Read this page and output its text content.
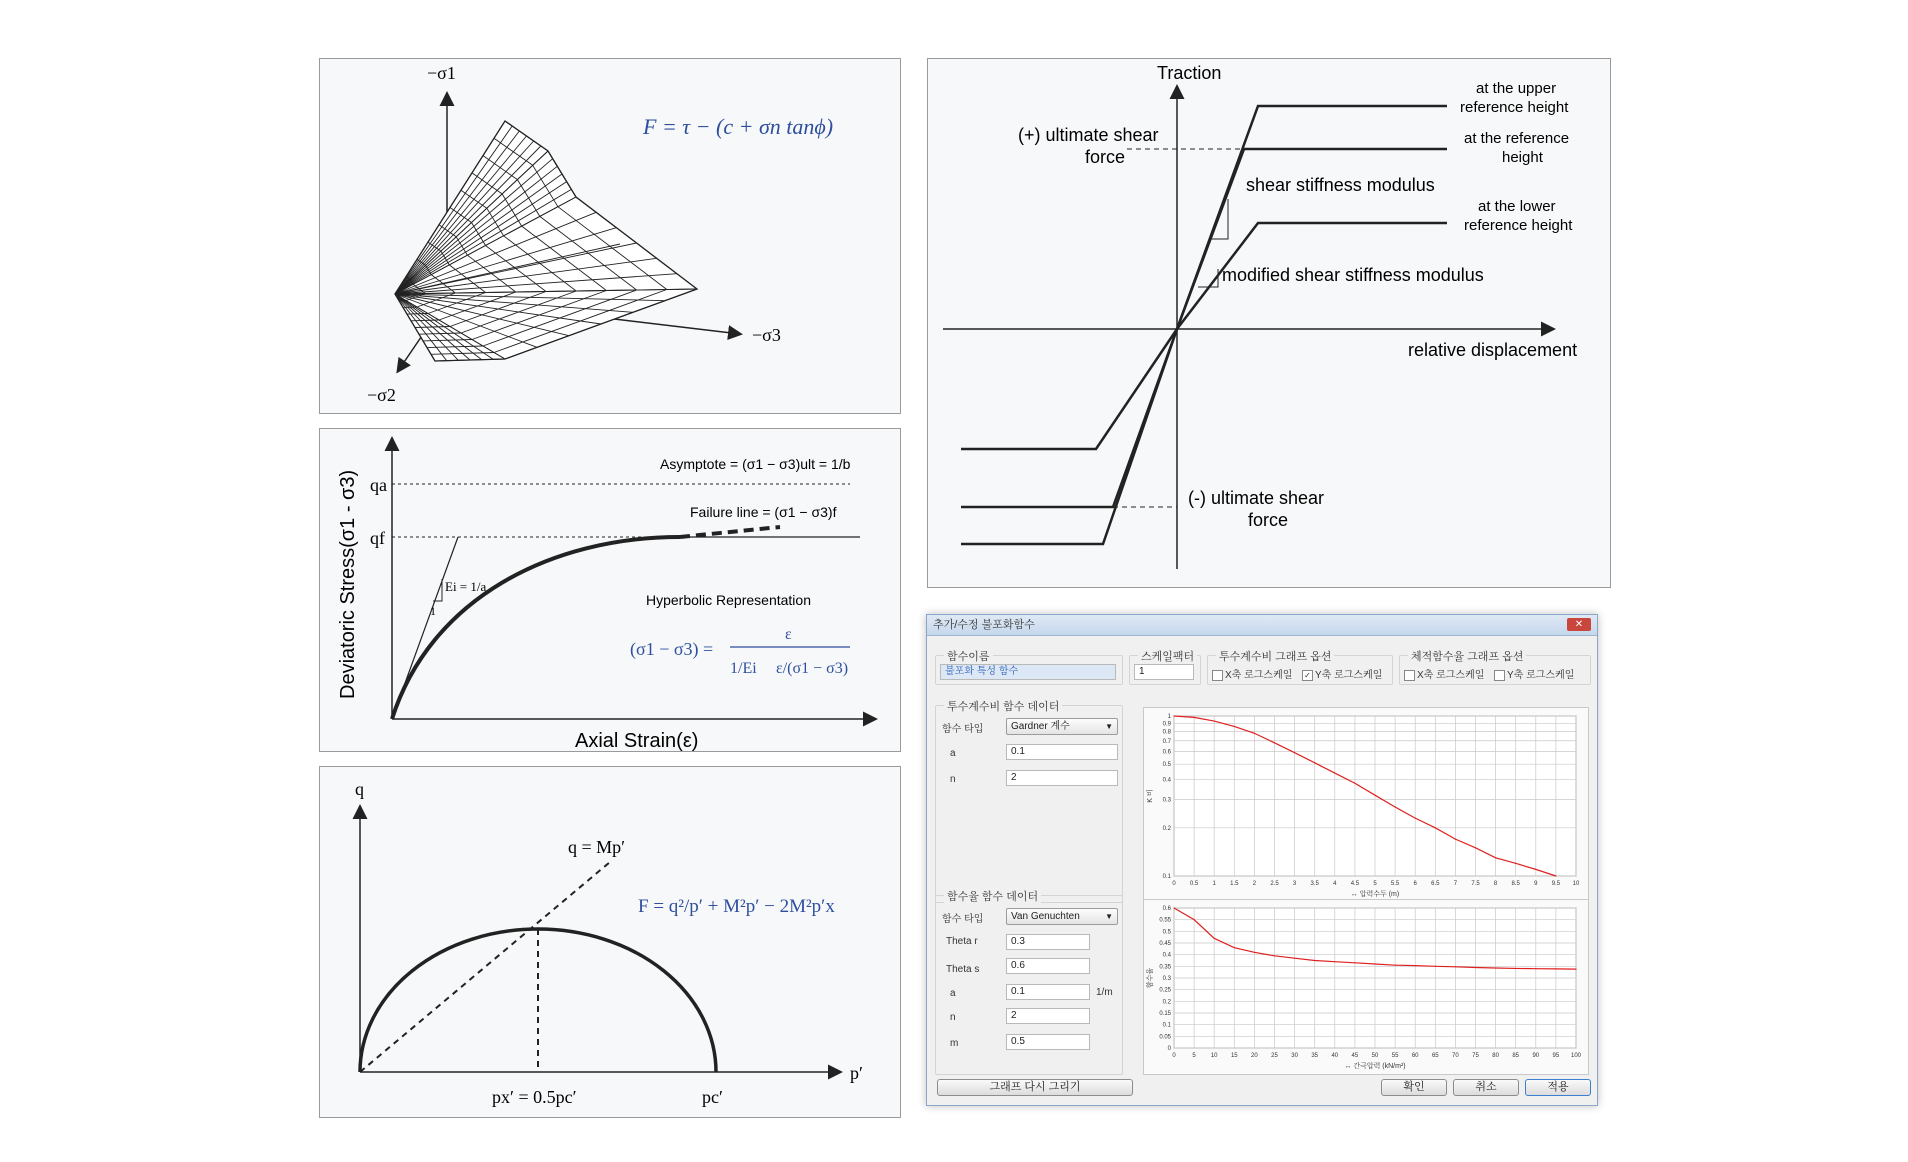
−σ1
−σ2
−σ3
F = τ − (c + σn tanϕ)
Deviatoric Stress(σ1 - σ3)
Axial Strain(ε)
qa
qf
Asymptote = (σ1 − σ3)ult = 1/b
Failure line = (σ1 − σ3)f
Ei = 1/a
1
Hyperbolic Representation
(σ1 − σ3) =
ε
1/Ei ε/(σ1 − σ3)
q
p′
q = Mp′
px′ = 0.5pc′	pc′
F = q²/p′ + M²p′ − 2M²p′x
Traction
relative displacement
(+) ultimate shear
force
(-) ultimate shear
force
shear stiffness modulus
modified shear stiffness modulus
at the upper
reference height
at the reference
height
at the lower
reference height
추가/수정 불포화함수	✕
함수이름
불포화 특성 함수
스케일팩터
1
투수계수비 그래프 옵션
X축 로그스케일 ✓ Y축 로그스케일
체적함수율 그래프 옵션
X축 로그스케일	Y축 로그스케일
투수계수비 함수 데이터
함수 타입	Gardner 계수	▼
a	0.1
n	2
0 0.5 1 1.5 2 2.5 3 3.5 4 4.5 5 5.5 6 6.5 7 7.5 8 8.5 9 9.5 10
0.1
0.2
0.3
0.4
0.5
0.6
0.7
0.8
0.9
1
↔ 압력수두 (m)
K 비
함수율 함수 데이터
함수 타입	Van Genuchten	▼
Theta r	0.3
Theta s	0.6
a	0.1	1/m
n	2
m	0.5
0	5	10 15 20 25 30 35 40 45 50 55 60 65 70 75 80 85 90 95 100
0
0.05
0.1
0.15
0.2
0.25
0.3
0.35
0.4
0.45
0.5
0.55
0.6
↔ 간극압력 (kN/m²)
함수율
그래프 다시 그리기	확인	취소	적용
